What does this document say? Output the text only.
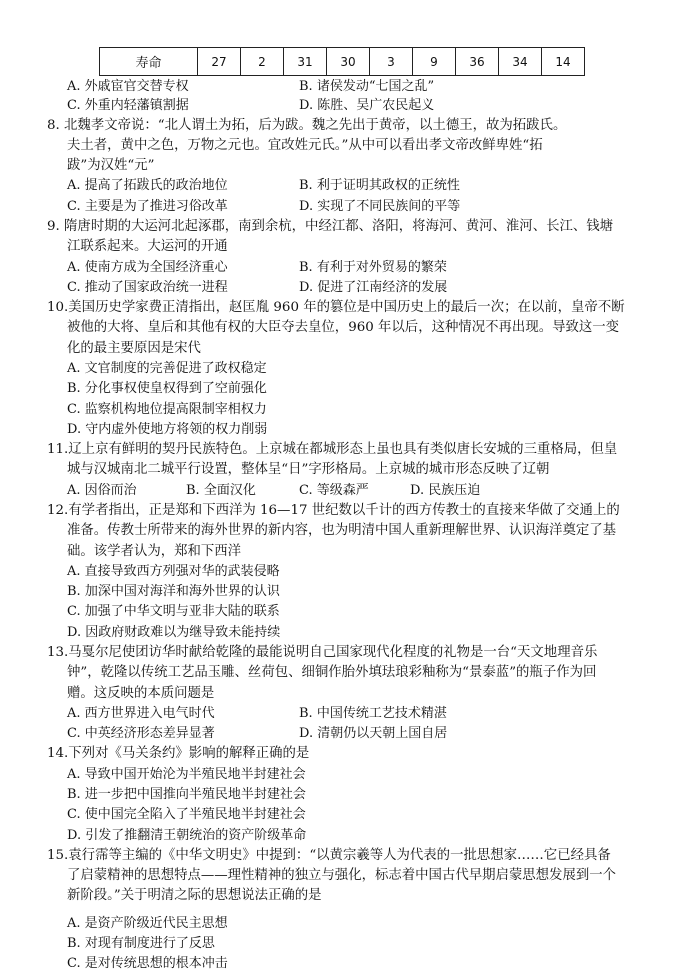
寿命	27	2	31	30	3	9	36	34	14
A. 外戚宦官交替专权	B. 诸侯发动“七国之乱”
C. 外重内轻藩镇割据	D. 陈胜、吴广农民起义
8. 北魏孝文帝说：“北人谓土为拓，后为跋。魏之先出于黄帝，以土德王，故为拓跋氏。
夫土者，黄中之色，万物之元也。宜改姓元氏。”从中可以看出孝文帝改鲜卑姓“拓
跋”为汉姓“元”
A. 提高了拓跋氏的政治地位	B. 利于证明其政权的正统性
C. 主要是为了推进习俗改革	D. 实现了不同民族间的平等
9. 隋唐时期的大运河北起涿郡，南到余杭，中经江都、洛阳，将海河、黄河、淮河、长江、钱塘
江联系起来。大运河的开通
A. 使南方成为全国经济重心	B. 有利于对外贸易的繁荣
C. 推动了国家政治统一进程	D. 促进了江南经济的发展
10.美国历史学家费正清指出，赵匡胤 960 年的篡位是中国历史上的最后一次；在以前，皇帝不断
被他的大将、皇后和其他有权的大臣夺去皇位，960 年以后，这种情况不再出现。导致这一变
化的最主要原因是宋代
A. 文官制度的完善促进了政权稳定
B. 分化事权使皇权得到了空前强化
C. 监察机构地位提高限制宰相权力
D. 守内虚外使地方将领的权力削弱
11.辽上京有鲜明的契丹民族特色。上京城在都城形态上虽也具有类似唐长安城的三重格局，但皇
城与汉城南北二城平行设置，整体呈“日”字形格局。上京城的城市形态反映了辽朝
A. 因俗而治	B. 全面汉化	C. 等级森严	D. 民族压迫
12.有学者指出，正是郑和下西洋为 16—17 世纪数以千计的西方传教士的直接来华做了交通上的
准备。传教士所带来的海外世界的新内容，也为明清中国人重新理解世界、认识海洋奠定了基
础。该学者认为，郑和下西洋
A. 直接导致西方列强对华的武装侵略
B. 加深中国对海洋和海外世界的认识
C. 加强了中华文明与亚非大陆的联系
D. 因政府财政难以为继导致未能持续
13.马戛尔尼使团访华时献给乾隆的最能说明自己国家现代化程度的礼物是一台“天文地理音乐
钟”，乾隆以传统工艺品玉雕、丝荷包、细铜作胎外填珐琅彩釉称为“景泰蓝”的瓶子作为回
赠。这反映的本质问题是
A. 西方世界进入电气时代	B. 中国传统工艺技术精湛
C. 中英经济形态差异显著	D. 清朝仍以天朝上国自居
14.下列对《马关条约》影响的解释正确的是
A. 导致中国开始沦为半殖民地半封建社会
B. 进一步把中国推向半殖民地半封建社会
C. 使中国完全陷入了半殖民地半封建社会
D. 引发了推翻清王朝统治的资产阶级革命
15.袁行霈等主编的《中华文明史》中提到：“以黄宗羲等人为代表的一批思想家……它已经具备
了启蒙精神的思想特点——理性精神的独立与强化，标志着中国古代早期启蒙思想发展到一个
新阶段。”关于明清之际的思想说法正确的是
A. 是资产阶级近代民主思想
B. 对现有制度进行了反思
C. 是对传统思想的根本冲击
